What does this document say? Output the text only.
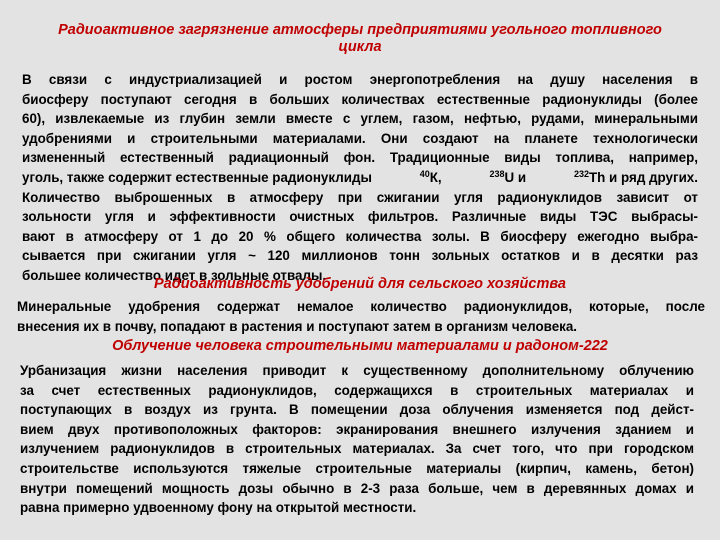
Радиоактивное загрязнение атмосферы предприятиями угольного топливного
цикла
В связи с индустриализацией и ростом энергопотребления на душу населения в
биосферу поступают сегодня в больших количествах естественные радионуклиды (более
60), извлекаемые из глубин земли вместе с углем, газом, нефтью, рудами, минеральными
удобрениями и строительными материалами. Они создают на планете технологически
измененный естественный радиационный фон. Традиционные виды топлива, например,
уголь, также содержит естественные радионуклиды	$^{40}$К,	$^{238}$U и	$^{232}$Th и ряд других.
Количество выброшенных в атмосферу при сжигании угля радионуклидов зависит от
зольности угля и эффективности очистных фильтров. Различные виды ТЭС выбрасы-
вают в атмосферу от 1 до 20 % общего количества золы. В биосферу ежегодно выбра-
сывается при сжигании угля ~ 120 миллионов тонн зольных остатков и в десятки раз
большее количество идет в зольные отвалы.
Радиоактивность удобрений для сельского хозяйства
Минеральные удобрения содержат немалое количество радионуклидов, которые, после
внесения их в почву, попадают в растения и поступают затем в организм человека.
Облучение человека строительными материалами и радоном-222
Урбанизация жизни населения приводит к существенному дополнительному облучению
за счет естественных радионуклидов, содержащихся в строительных материалах и
поступающих в воздух из грунта. В помещении доза облучения изменяется под дейст-
вием двух противоположных факторов: экранирования внешнего излучения зданием и
излучением радионуклидов в строительных материалах. За счет того, что при городском
строительстве используются тяжелые строительные материалы (кирпич, камень, бетон)
внутри помещений мощность дозы обычно в 2-3 раза больше, чем в деревянных домах и
равна примерно удвоенному фону на открытой местности.
